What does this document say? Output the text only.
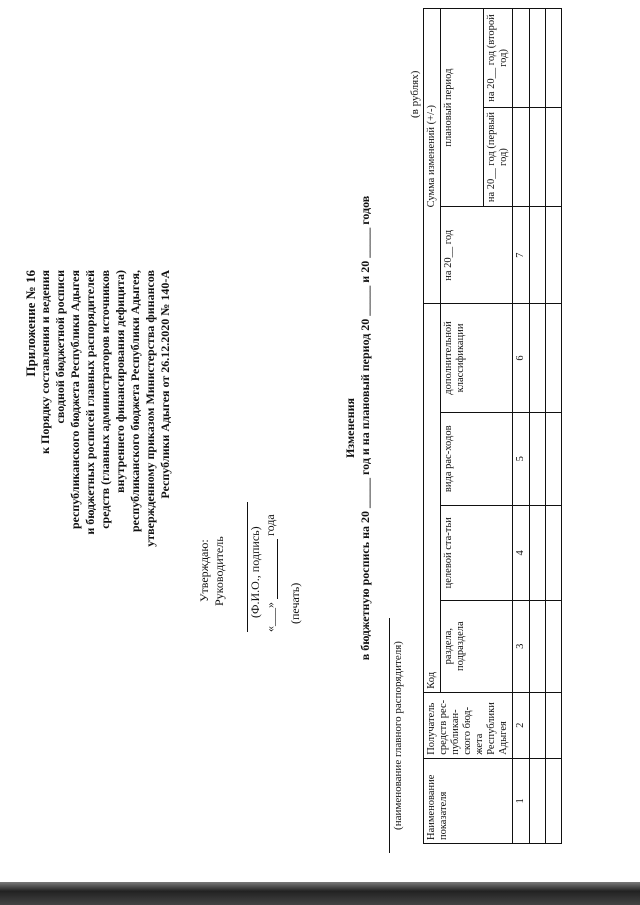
Приложение № 16 к Порядку составления и ведения сводной бюджетной росписи республиканского бюджета Республики Адыгея и бюджетных росписей главных распорядителей средств (главных администраторов источников внутреннего финансирования дефицита) республиканского бюджета Республики Адыгея, утвержденному приказом Министерства финансов Республики Адыгея от 26.12.2020 № 140-А
Утверждаю: Руководитель (Ф.И.О., подпись) «___»  года
(печать)
Изменения в бюджетную роспись на 20 _____ год и на плановый период 20 _____ и 20 _____ годов
(наименование главного распорядителя)
(в рублях)
Наименование показателя	Получатель средств рес-публикан-ского бюд-жета Республики Адыгея	Код				Сумма изменений (+/-)		
		раздела, подраздела	целевой ста-тьи	вида рас-ходов	дополнительной классификации	на 20__ год	плановый период	
							на 20__ год (первый год)	на 20__ год (второй год)
1	2	3	4	5	6	7		
